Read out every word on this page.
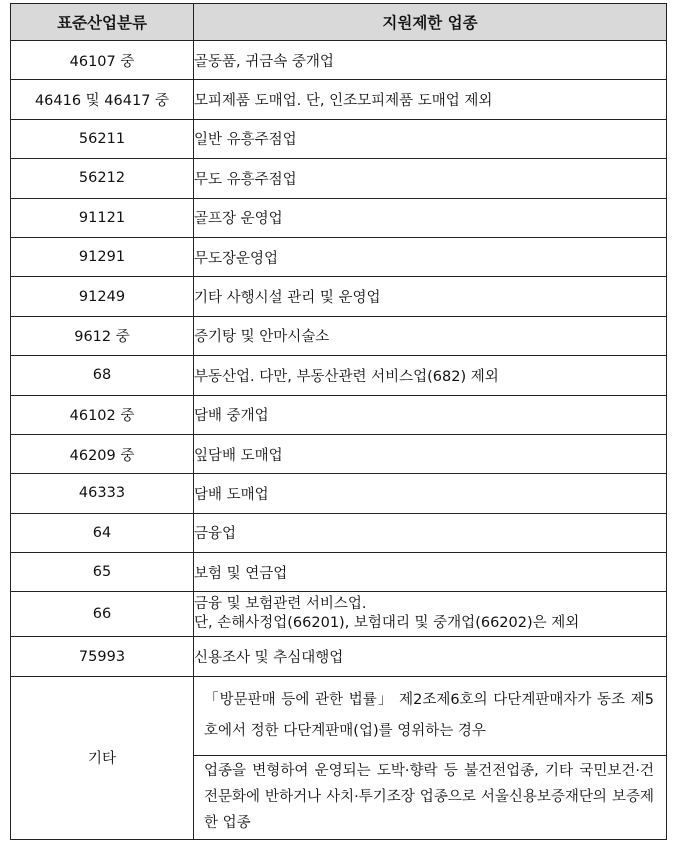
표준산업분류	지원제한 업종
46107 중	골동품, 귀금속 중개업
46416 및 46417 중	모피제품 도매업. 단, 인조모피제품 도매업 제외
56211	일반 유흥주점업
56212	무도 유흥주점업
91121	골프장 운영업
91291	무도장운영업
91249	기타 사행시설 관리 및 운영업
9612 중	증기탕 및 안마시술소
68	부동산업. 다만, 부동산관련 서비스업(682) 제외
46102 중	담배 중개업
46209 중	잎담배 도매업
46333	담배 도매업
64	금융업
65	보험 및 연금업
66	금융 및 보험관련 서비스업.
단, 손해사정업(66201), 보험대리 및 중개업(66202)은 제외

75993	신용조사 및 추심대행업
기타	「방문판매 등에 관한 법률」 제2조제6호의 다단계판매자가 동조 제5호에서 정한 다단계판매(업)를 영위하는 경우
	업종을 변형하여 운영되는 도박·향락 등 불건전업종, 기타 국민보건·건전문화에 반하거나 사치·투기조장 업종으로 서울신용보증재단의 보증제한 업종
